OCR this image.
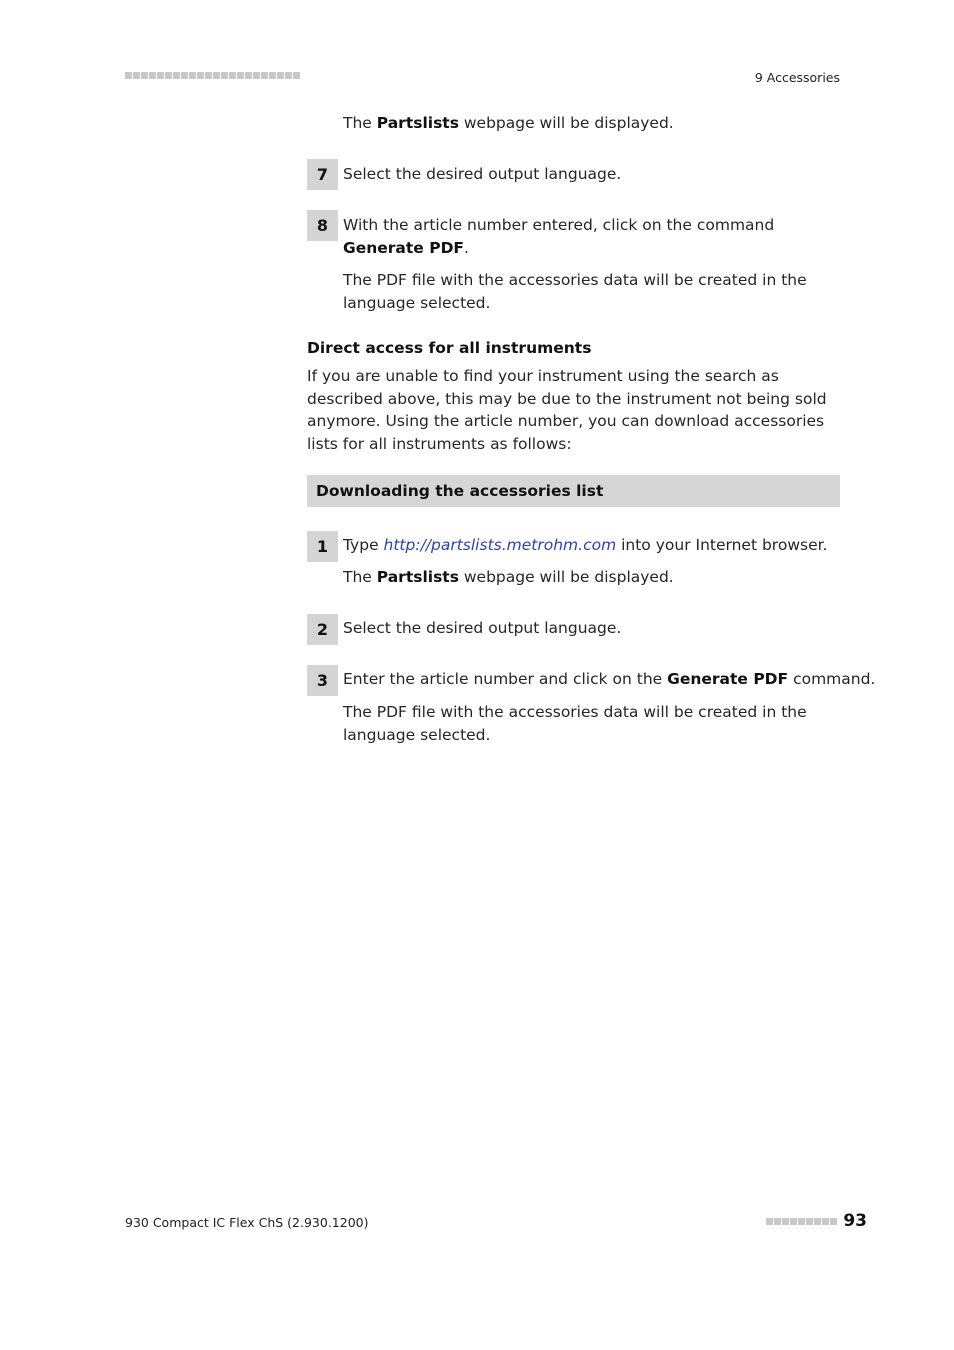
9 Accessories
The Partslists webpage will be displayed.
7 Select the desired output language.
8 With the article number entered, click on the command Generate PDF.
The PDF file with the accessories data will be created in the language selected.
Direct access for all instruments
If you are unable to find your instrument using the search as described above, this may be due to the instrument not being sold anymore. Using the article number, you can download accessories lists for all instruments as follows:
Downloading the accessories list
1 Type http://partslists.metrohm.com into your Internet browser.
The Partslists webpage will be displayed.
2 Select the desired output language.
3 Enter the article number and click on the Generate PDF command.
The PDF file with the accessories data will be created in the language selected.
930 Compact IC Flex ChS (2.930.1200)	93
